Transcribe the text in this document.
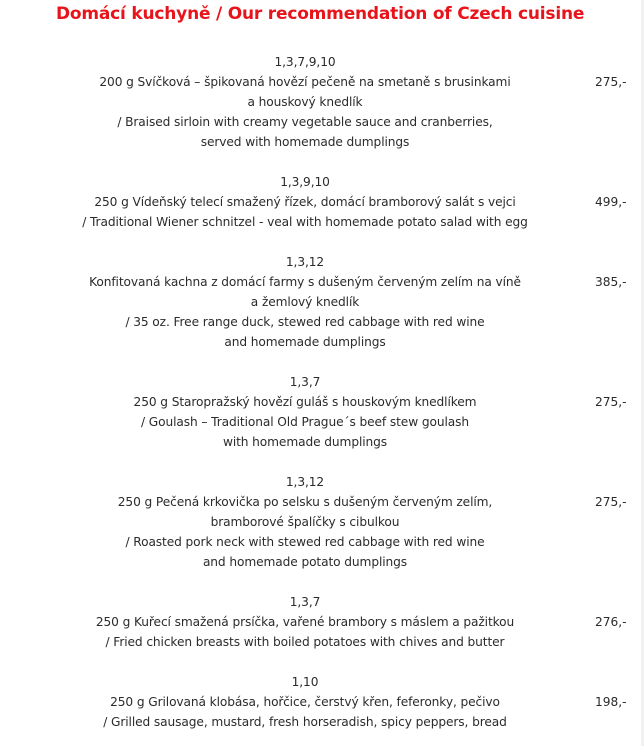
Domácí kuchyně / Our recommendation of Czech cuisine
1,3,7,9,10
200 g Svíčková – špikovaná hovězí pečeně na smetaně s brusinkami
a houskový knedlík
/ Braised sirloin with creamy vegetable sauce and cranberries,
served with homemade dumplings
275,-
1,3,9,10
250 g Vídeňský telecí smažený řízek, domácí bramborový salát s vejci
/ Traditional Wiener schnitzel - veal with homemade potato salad with egg
499,-
1,3,12
Konfitovaná kachna z domácí farmy s dušeným červeným zelím na víně
a žemlový knedlík
/ 35 oz. Free range duck, stewed red cabbage with red wine
and homemade dumplings
385,-
1,3,7
250 g Staropražský hovězí guláš s houskovým knedlíkem
/ Goulash – Traditional Old Prague´s beef stew goulash
with homemade dumplings
275,-
1,3,12
250 g Pečená krkovička po selsku s dušeným červeným zelím,
bramborové špalíčky s cibulkou
/ Roasted pork neck with stewed red cabbage with red wine
and homemade potato dumplings
275,-
1,3,7
250 g Kuřecí smažená prsíčka, vařené brambory s máslem a pažitkou
/ Fried chicken breasts with boiled potatoes with chives and butter
276,-
1,10
250 g Grilovaná klobása, hořčice, čerstvý křen, feferonky, pečivo
/ Grilled sausage, mustard, fresh horseradish, spicy peppers, bread
198,-
